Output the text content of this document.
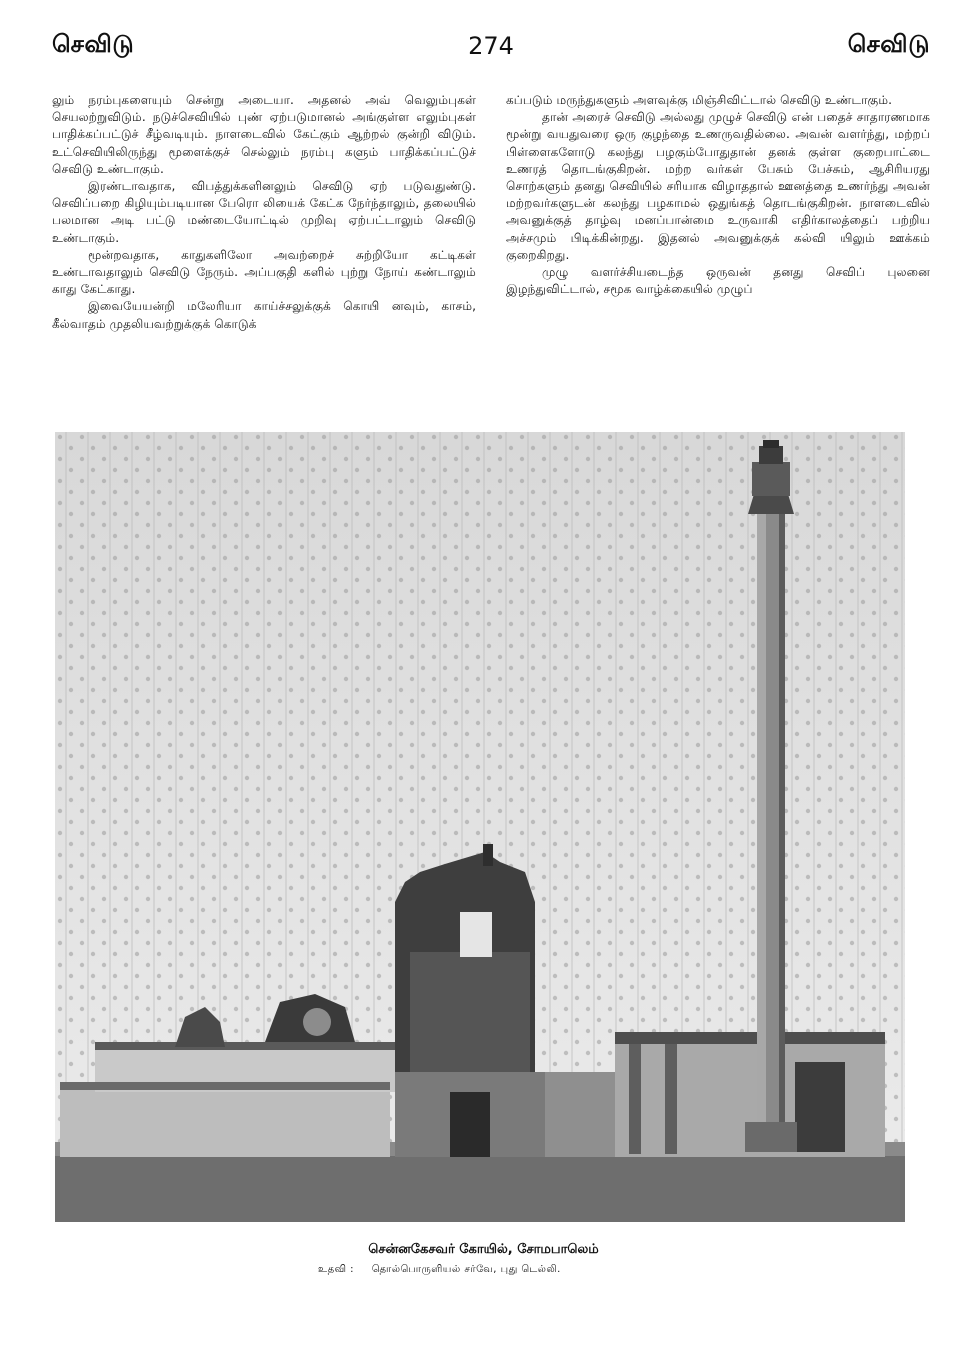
செவிடு	274	செவிடு

லும் நரம்புகளையும் சென்று அடையா. அதனல் அவ் வெலும்புகள் செயலற்றுவிடும். நடுச்செவியில் புண் ஏற்படுமானல் அங்குள்ள எலும்புகள் பாதிக்கப்பட்டுச் சீழ்வடியும். நாளடைவில் கேட்கும் ஆற்றல் குன்றி விடும். உட்செவியிலிருந்து மூளைக்குச் செல்லும் நரம்பு களும் பாதிக்கப்பட்டுச் செவிடு உண்டாகும்.

இரண்டாவதாக, விபத்துக்களினலும் செவிடு ஏற் படுவதுண்டு. செவிப்பறை கிழியும்படியான பேரொ லியைக் கேட்க நேர்ந்தாலும், தலையில் பலமான அடி பட்டு மண்டையோட்டில் முறிவு ஏற்பட்டாலும் செவிடு உண்டாகும்.

மூன்றவதாக, காதுகளிலோ அவற்றைச் சுற்றியோ கட்டிகள் உண்டாவதாலும் செவிடு நேரும். அப்பகுதி களில் புற்று நோய் கண்டாலும் காது கேட்காது.

இவையேயன்றி மலேரியா காய்ச்சலுக்குக் கொயி னவும், காசம், கீல்வாதம் முதலியவற்றுக்குக் கொடுக்

கப்படும் மருந்துகளும் அளவுக்கு மிஞ்சிவிட்டால் செவிடு உண்டாகும்.

தான் அரைச் செவிடு அல்லது முழுச் செவிடு என் பதைச் சாதாரணமாக மூன்று வயதுவரை ஒரு குழந்தை உணருவதில்லை. அவன் வளர்ந்து, மற்றப் பிள்ளைகளோடு கலந்து பழகும்போதுதான் தனக் குள்ள குறைபாட்டை உணரத் தொடங்குகிறன். மற்ற வர்கள் பேசும் பேச்சும், ஆசிரியரது சொற்களும் தனது செவியில் சரியாக விழாததால் ஊனத்தை உணர்ந்து அவன் மற்றவர்களுடன் கலந்து பழகாமல் ஒதுங்கத் தொடங்குகிறன். நாளடைவில் அவனுக்குத் தாழ்வு மனப்பான்மை உருவாகி எதிர்காலத்தைப் பற்றிய அச்சமும் பிடிக்கின்றது. இதனல் அவனுக்குக் கல்வி யிலும் ஊக்கம் குறைகிறது.

முழு வளர்ச்சியடைந்த ஒருவன் தனது செவிப் புலனை இழந்துவிட்டால், சமூக வாழ்க்கையில் முழுப்

சென்னகேசவர் கோயில், சோமபாலெம்
உதவி : தொல்பொருளியல் சர்வே, புது டெல்லி.
